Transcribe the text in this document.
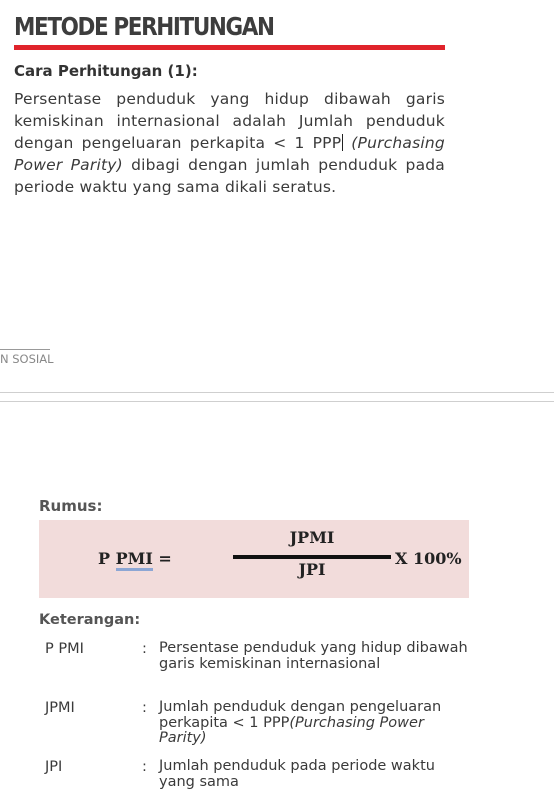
METODE PERHITUNGAN
Cara Perhitungan (1):
Persentase penduduk yang hidup dibawah garis kemiskinan internasional adalah Jumlah penduduk dengan pengeluaran perkapita < 1 PPP (Purchasing Power Parity) dibagi dengan jumlah penduduk pada periode waktu yang sama dikali seratus.
N SOSIAL
Rumus:
P PMI =
JPMI
JPI
X 100%
Keterangan:
P PMI	: Persentase penduduk yang hidup dibawah garis kemiskinan internasional
JPMI	: Jumlah penduduk dengan pengeluaran perkapita < 1 PPP(Purchasing Power Parity)
JPI	: Jumlah penduduk pada periode waktu yang sama
